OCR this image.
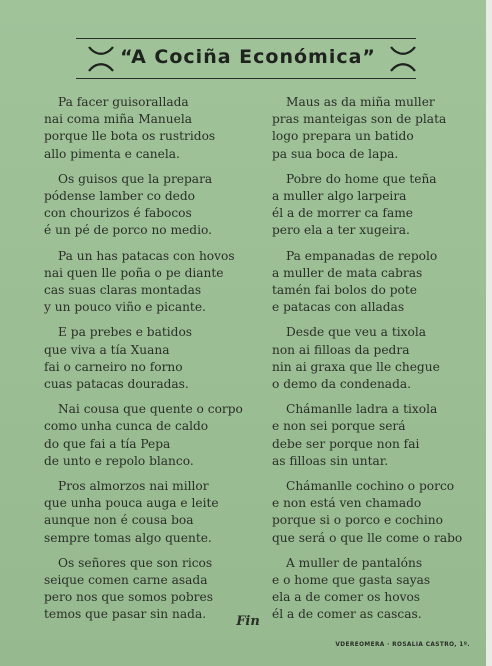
“A Cociña Económica”
Pa facer guisorallada
nai coma miña Manuela
porque lle bota os rustridos
allo pimenta e canela.
Os guisos que la prepara
pódense lamber co dedo
con chourizos é fabocos
é un pé de porco no medio.
Pa un has patacas con hovos
nai quen lle poña o pe diante
cas suas claras montadas
y un pouco viño e picante.
E pa prebes e batidos
que viva a tía Xuana
fai o carneiro no forno
cuas patacas douradas.
Nai cousa que quente o corpo
como unha cunca de caldo
do que fai a tía Pepa
de unto e repolo blanco.
Pros almorzos nai millor
que unha pouca auga e leite
aunque non é cousa boa
sempre tomas algo quente.
Os señores que son ricos
seique comen carne asada
pero nos que somos pobres
temos que pasar sin nada.
Maus as da miña muller
pras manteigas son de plata
logo prepara un batido
pa sua boca de lapa.
Pobre do home que teña
a muller algo larpeira
él a de morrer ca fame
pero ela a ter xugeira.
Pa empanadas de repolo
a muller de mata cabras
tamén fai bolos do pote
e patacas con alladas
Desde que veu a tixola
non ai filloas da pedra
nin ai graxa que lle chegue
o demo da condenada.
Chámanlle ladra a tixola
e non sei porque será
debe ser porque non fai
as filloas sin untar.
Chámanlle cochino o porco
e non está ven chamado
porque si o porco e cochino
que será o que lle come o rabo
A muller de pantalóns
e o home que gasta sayas
ela a de comer os hovos
él a de comer as cascas.
Fin
VDEREOMERA · ROSALIA CASTRO, 1º.
